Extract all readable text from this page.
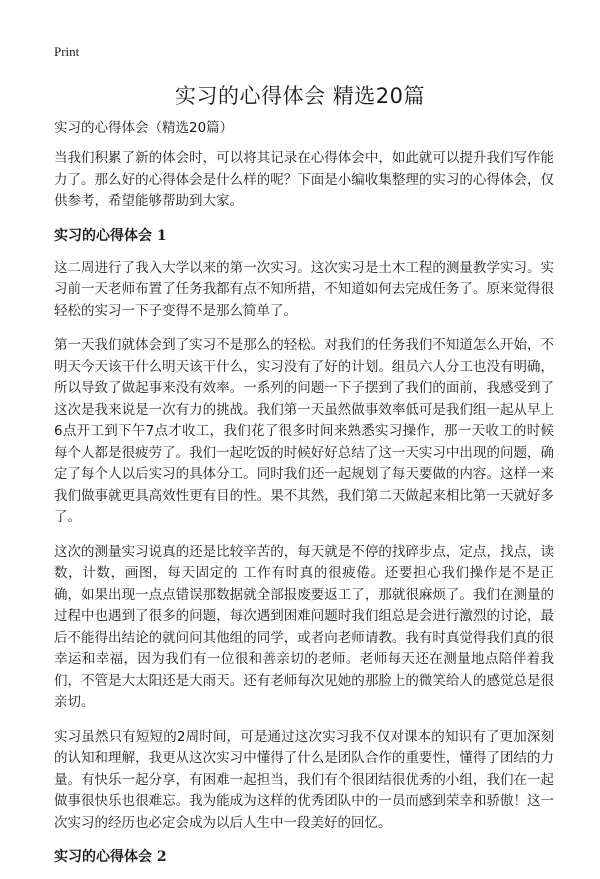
Print
实习的心得体会 精选20篇
实习的心得体会（精选20篇）

当我们积累了新的体会时，可以将其记录在心得体会中，如此就可以提升我们写作能力了。那么好的心得体会是什么样的呢？下面是小编收集整理的实习的心得体会，仅供参考，希望能够帮助到大家。

实习的心得体会 1

这二周进行了我入大学以来的第一次实习。这次实习是土木工程的测量教学实习。实习前一天老师布置了任务我都有点不知所措，不知道如何去完成任务了。原来觉得很轻松的实习一下子变得不是那么简单了。

第一天我们就体会到了实习不是那么的轻松。对我们的任务我们不知道怎么开始，不明天今天该干什么明天该干什么，实习没有了好的计划。组员六人分工也没有明确，所以导致了做起事来没有效率。一系列的问题一下子摆到了我们的面前，我感受到了这次是我来说是一次有力的挑战。我们第一天虽然做事效率低可是我们组一起从早上6点开工到下午7点才收工，我们花了很多时间来熟悉实习操作，那一天收工的时候每个人都是很疲劳了。我们一起吃饭的时候好好总结了这一天实习中出现的问题，确定了每个人以后实习的具体分工。同时我们还一起规划了每天要做的内容。这样一来我们做事就更具高效性更有目的性。果不其然，我们第二天做起来相比第一天就好多了。

这次的测量实习说真的还是比较辛苦的，每天就是不停的找碎步点，定点，找点，读数，计数，画图，每天固定的 工作有时真的很疲倦。还要担心我们操作是不是正确，如果出现一点点错误那数据就全部报废要返工了，那就很麻烦了。我们在测量的过程中也遇到了很多的问题，每次遇到困难问题时我们组总是会进行激烈的讨论，最后不能得出结论的就问问其他组的同学，或者向老师请教。我有时真觉得我们真的很幸运和幸福，因为我们有一位很和善亲切的老师。老师每天还在测量地点陪伴着我们，不管是大太阳还是大雨天。还有老师每次见她的那脸上的微笑给人的感觉总是很亲切。

实习虽然只有短短的2周时间，可是通过这次实习我不仅对课本的知识有了更加深刻的认知和理解，我更从这次实习中懂得了什么是团队合作的重要性，懂得了团结的力量。有快乐一起分享，有困难一起担当，我们有个很团结很优秀的小组，我们在一起做事很快乐也很难忘。我为能成为这样的优秀团队中的一员而感到荣幸和骄傲！这一次实习的经历也必定会成为以后人生中一段美好的回忆。

实习的心得体会 2
